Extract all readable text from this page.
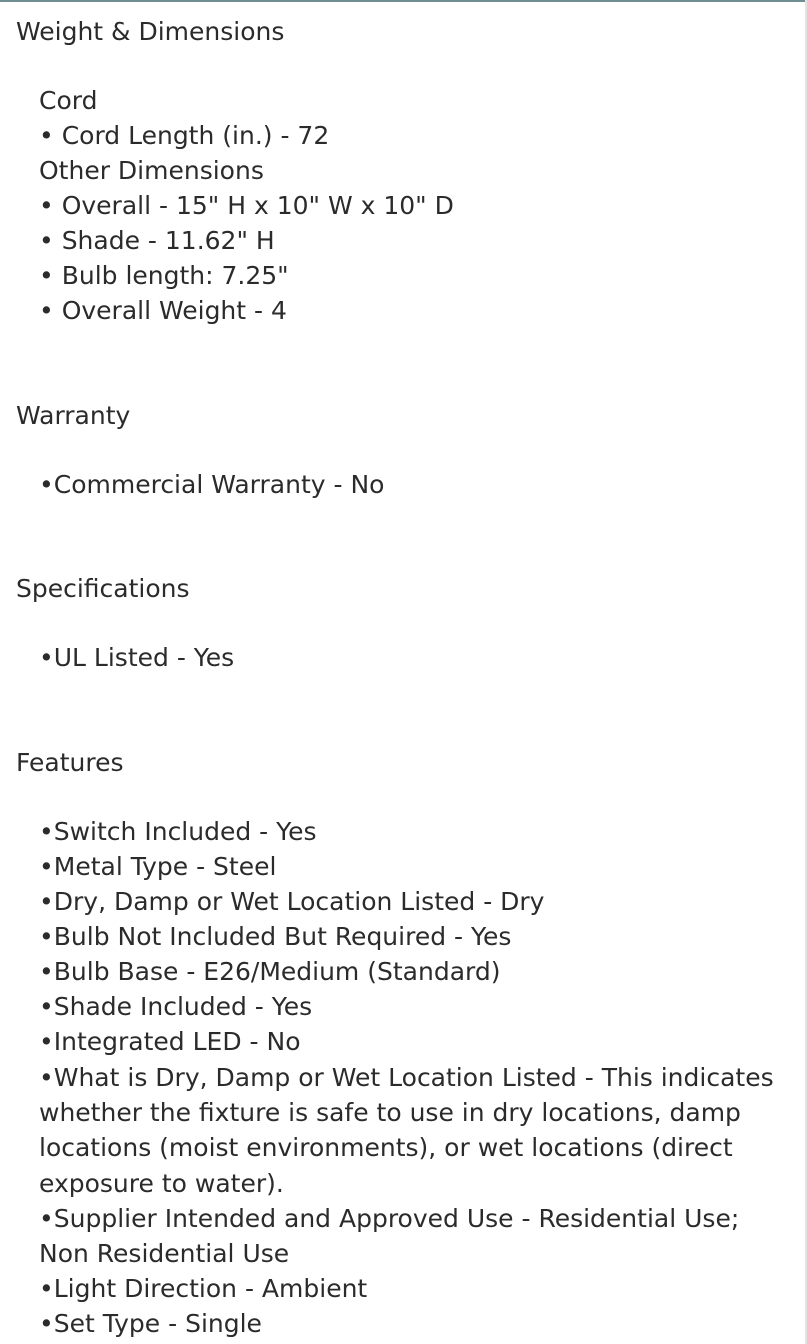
Weight & Dimensions
Cord
• Cord Length (in.) - 72
Other Dimensions
• Overall - 15" H x 10" W x 10" D
• Shade - 11.62" H
• Bulb length: 7.25"
• Overall Weight - 4
Warranty
•Commercial Warranty - No
Specifications
•UL Listed - Yes
Features
•Switch Included - Yes
•Metal Type - Steel
•Dry, Damp or Wet Location Listed - Dry
•Bulb Not Included But Required - Yes
•Bulb Base - E26/Medium (Standard)
•Shade Included - Yes
•Integrated LED - No
•What is Dry, Damp or Wet Location Listed - This indicates whether the fixture is safe to use in dry locations, damp locations (moist environments), or wet locations (direct exposure to water).
•Supplier Intended and Approved Use - Residential Use; Non Residential Use
•Light Direction - Ambient
•Set Type - Single
